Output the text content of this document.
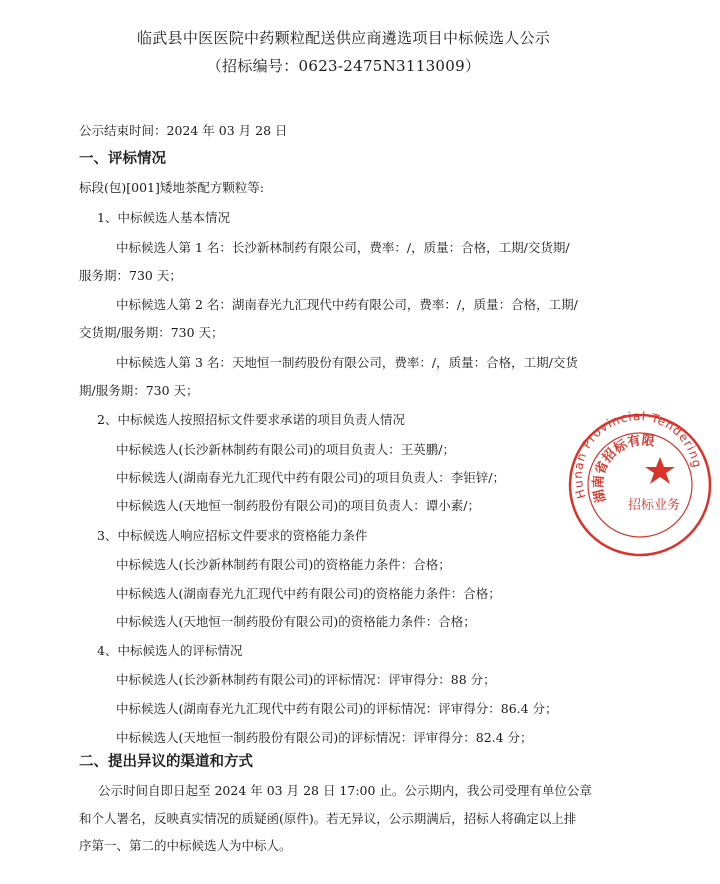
临武县中医医院中药颗粒配送供应商遴选项目中标候选人公示
（招标编号：0623-2475N3113009）
公示结束时间：2024 年 03 月 28 日
一、评标情况
标段(包)[001]矮地茶配方颗粒等:
1、中标候选人基本情况
中标候选人第 1 名：长沙新林制药有限公司，费率：/，质量：合格，工期/交货期/
服务期：730 天；
中标候选人第 2 名：湖南春光九汇现代中药有限公司，费率：/，质量：合格，工期/
交货期/服务期：730 天；
中标候选人第 3 名：天地恒一制药股份有限公司，费率：/，质量：合格，工期/交货
期/服务期：730 天；
2、中标候选人按照招标文件要求承诺的项目负责人情况
中标候选人(长沙新林制药有限公司)的项目负责人：王英鹏/；
中标候选人(湖南春光九汇现代中药有限公司)的项目负责人：李钜锌/；
中标候选人(天地恒一制药股份有限公司)的项目负责人：谭小素/；
3、中标候选人响应招标文件要求的资格能力条件
中标候选人(长沙新林制药有限公司)的资格能力条件：合格；
中标候选人(湖南春光九汇现代中药有限公司)的资格能力条件：合格；
中标候选人(天地恒一制药股份有限公司)的资格能力条件：合格；
4、中标候选人的评标情况
中标候选人(长沙新林制药有限公司)的评标情况：评审得分：88 分；
中标候选人(湖南春光九汇现代中药有限公司)的评标情况：评审得分：86.4 分；
中标候选人(天地恒一制药股份有限公司)的评标情况：评审得分：82.4 分；
二、提出异议的渠道和方式
公示时间自即日起至 2024 年 03 月 28 日 17:00 止。公示期内，我公司受理有单位公章
和个人署名，反映真实情况的质疑函(原件)。若无异议，公示期满后，招标人将确定以上排
序第一、第二的中标候选人为中标人。
Hunan Provincial Tendering
湖南省招标有限
招标业务
